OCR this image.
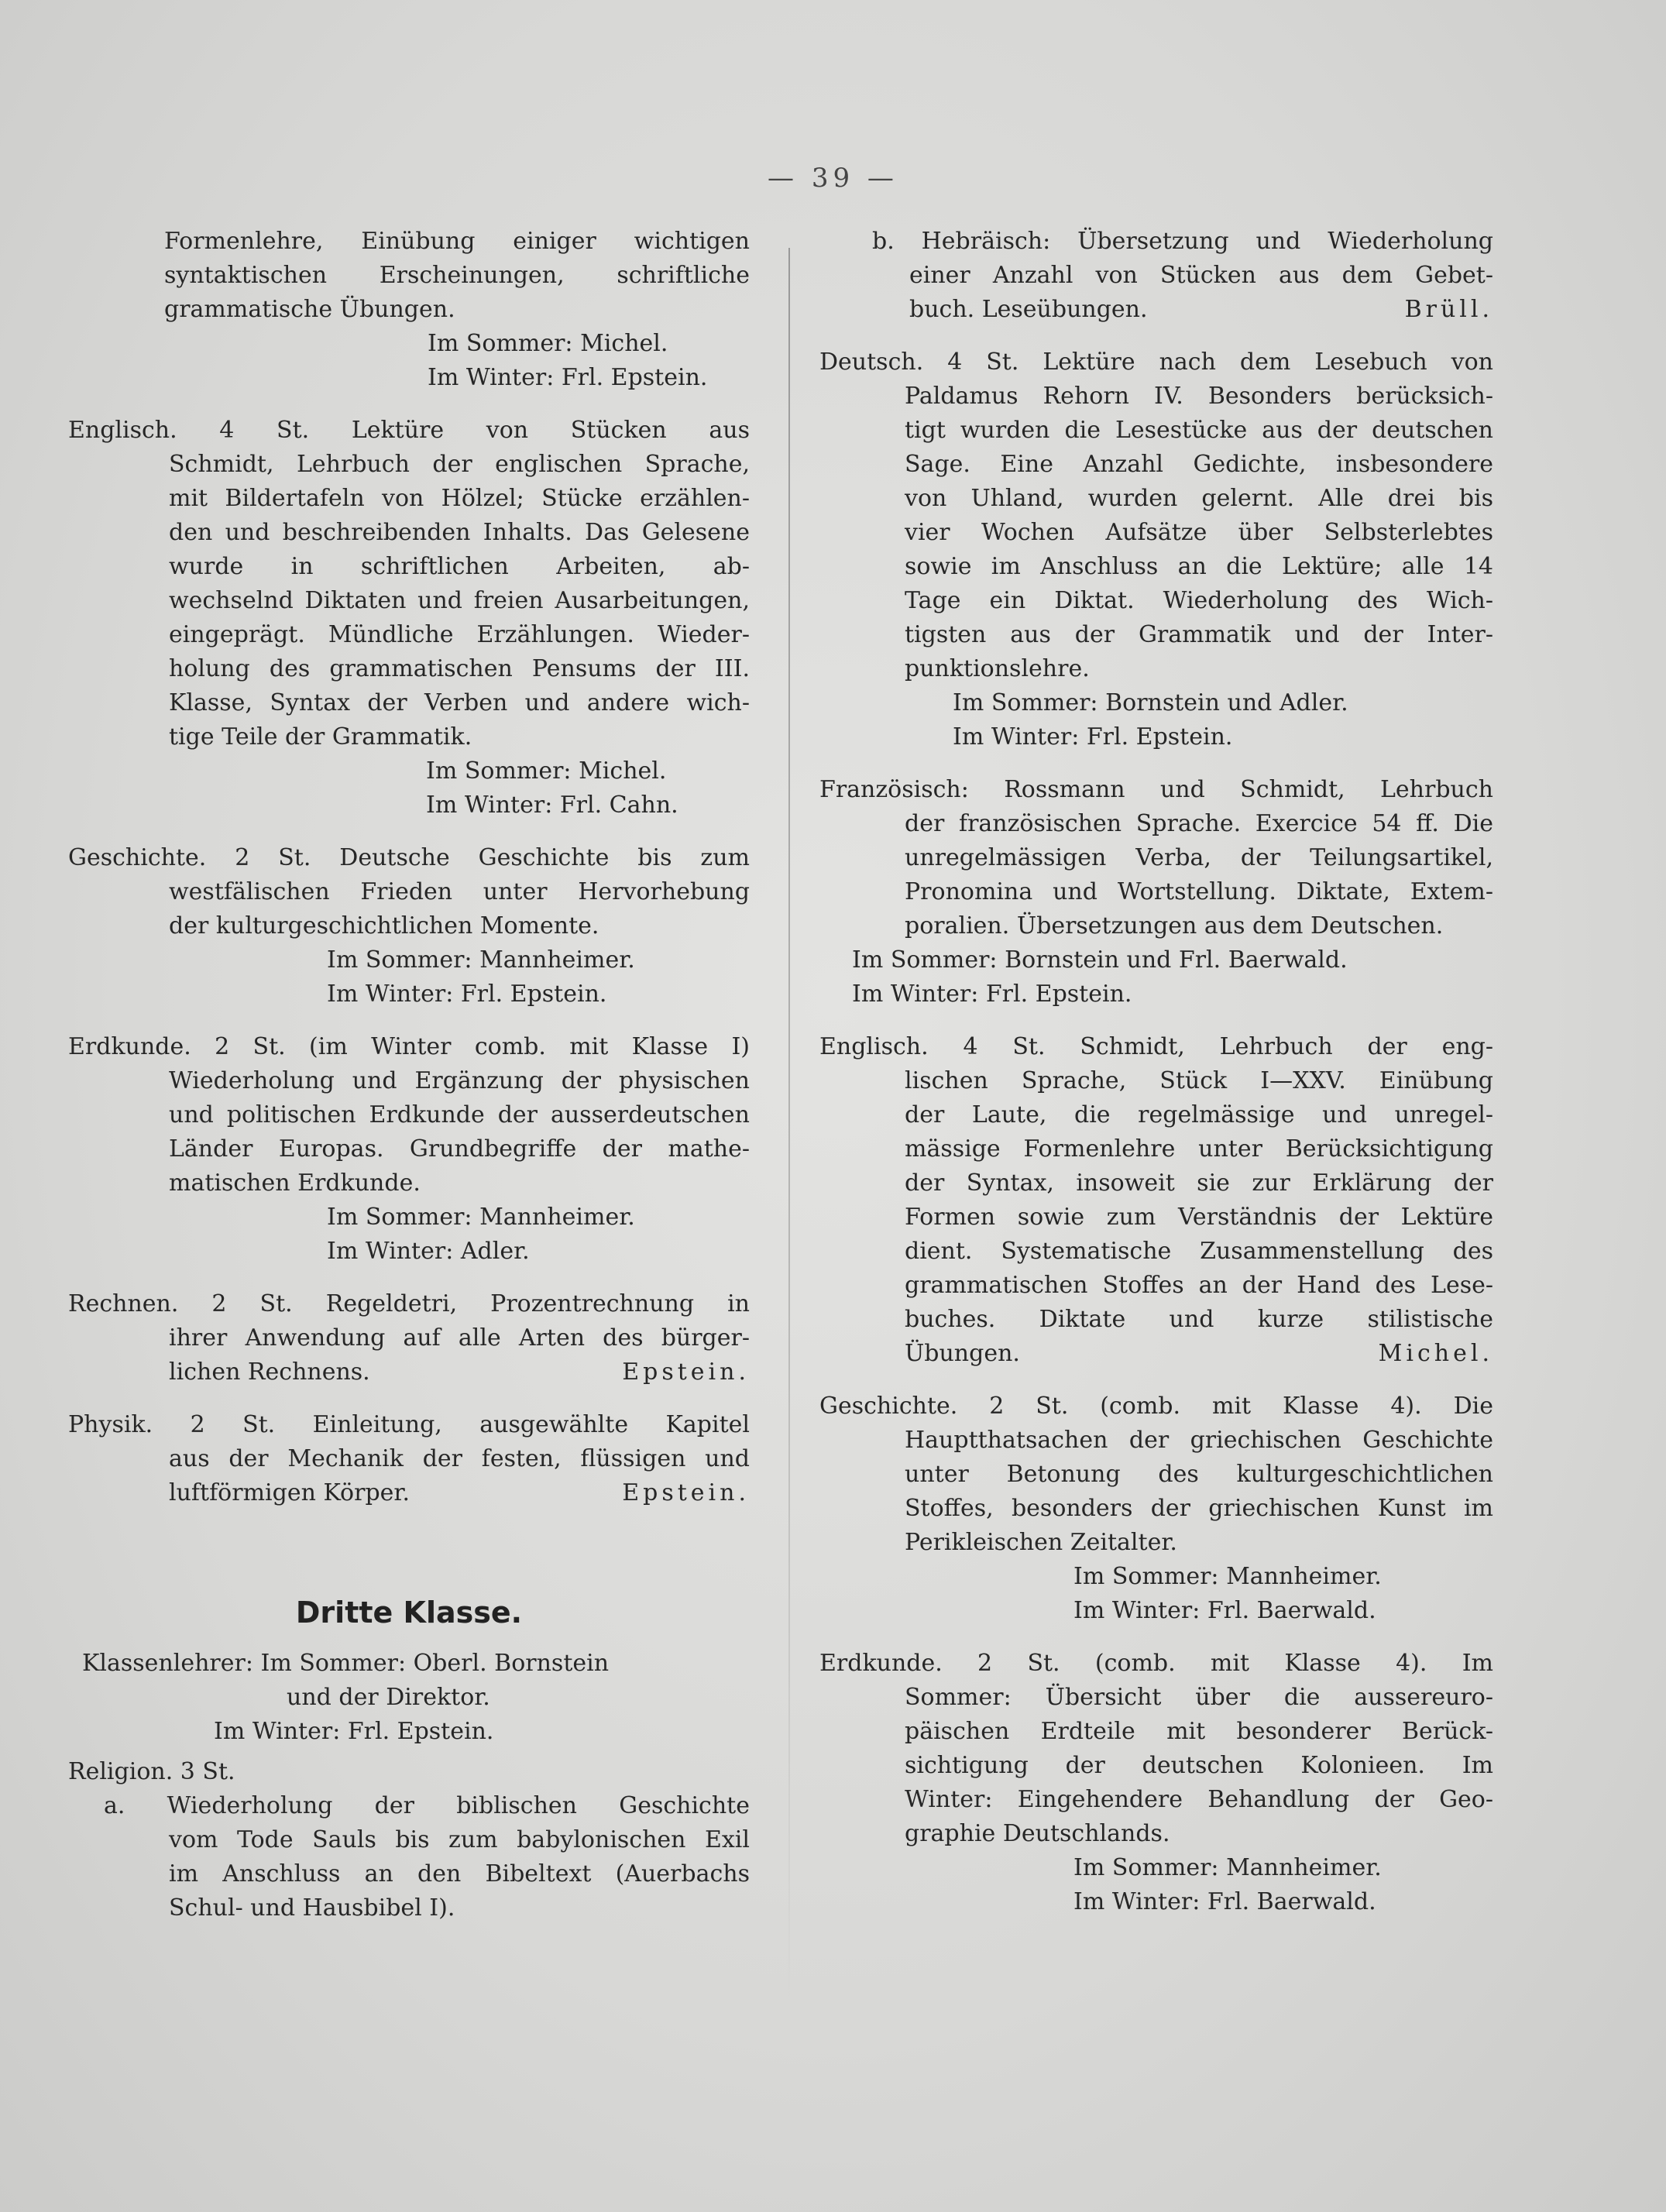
— 39 —
Formenlehre, Einübung einiger wichtigen
syntaktischen Erscheinungen, schriftliche
grammatische Übungen.
Im Sommer: Michel.
Im Winter: Frl. Epstein.
Englisch. 4 St. Lektüre von Stücken aus
Schmidt, Lehrbuch der englischen Sprache,
mit Bildertafeln von Hölzel; Stücke erzählen-
den und beschreibenden Inhalts. Das Gelesene
wurde in schriftlichen Arbeiten, ab-
wechselnd Diktaten und freien Ausarbeitungen,
eingeprägt. Mündliche Erzählungen. Wieder-
holung des grammatischen Pensums der III.
Klasse, Syntax der Verben und andere wich-
tige Teile der Grammatik.
Im Sommer: Michel.
Im Winter: Frl. Cahn.
Geschichte. 2 St. Deutsche Geschichte bis zum
westfälischen Frieden unter Hervorhebung
der kulturgeschichtlichen Momente.
Im Sommer: Mannheimer.
Im Winter: Frl. Epstein.
Erdkunde. 2 St. (im Winter comb. mit Klasse I)
Wiederholung und Ergänzung der physischen
und politischen Erdkunde der ausserdeutschen
Länder Europas. Grundbegriffe der mathe-
matischen Erdkunde.
Im Sommer: Mannheimer.
Im Winter: Adler.
Rechnen. 2 St. Regeldetri, Prozentrechnung in
ihrer Anwendung auf alle Arten des bürger-
lichen Rechnens.	Epstein.
Physik. 2 St. Einleitung, ausgewählte Kapitel
aus der Mechanik der festen, flüssigen und
luftförmigen Körper.	Epstein.
Dritte Klasse.
Klassenlehrer: Im Sommer: Oberl. Bornstein
und der Direktor.
Im Winter: Frl. Epstein.
Religion. 3 St.
a. Wiederholung der biblischen Geschichte
vom Tode Sauls bis zum babylonischen Exil
im Anschluss an den Bibeltext (Auerbachs
Schul- und Hausbibel I).
b. Hebräisch: Übersetzung und Wiederholung
einer Anzahl von Stücken aus dem Gebet-
buch. Leseübungen.	Brüll.
Deutsch. 4 St. Lektüre nach dem Lesebuch von
Paldamus Rehorn IV. Besonders berücksich-
tigt wurden die Lesestücke aus der deutschen
Sage. Eine Anzahl Gedichte, insbesondere
von Uhland, wurden gelernt. Alle drei bis
vier Wochen Aufsätze über Selbsterlebtes
sowie im Anschluss an die Lektüre; alle 14
Tage ein Diktat. Wiederholung des Wich-
tigsten aus der Grammatik und der Inter-
punktionslehre.
Im Sommer: Bornstein und Adler.
Im Winter: Frl. Epstein.
Französisch: Rossmann und Schmidt, Lehrbuch
der französischen Sprache. Exercice 54 ff. Die
unregelmässigen Verba, der Teilungsartikel,
Pronomina und Wortstellung. Diktate, Extem-
poralien. Übersetzungen aus dem Deutschen.
Im Sommer: Bornstein und Frl. Baerwald.
Im Winter: Frl. Epstein.
Englisch. 4 St. Schmidt, Lehrbuch der eng-
lischen Sprache, Stück I—XXV. Einübung
der Laute, die regelmässige und unregel-
mässige Formenlehre unter Berücksichtigung
der Syntax, insoweit sie zur Erklärung der
Formen sowie zum Verständnis der Lektüre
dient. Systematische Zusammenstellung des
grammatischen Stoffes an der Hand des Lese-
buches. Diktate und kurze stilistische
Übungen.	Michel.
Geschichte. 2 St. (comb. mit Klasse 4). Die
Hauptthatsachen der griechischen Geschichte
unter Betonung des kulturgeschichtlichen
Stoffes, besonders der griechischen Kunst im
Perikleischen Zeitalter.
Im Sommer: Mannheimer.
Im Winter: Frl. Baerwald.
Erdkunde. 2 St. (comb. mit Klasse 4). Im
Sommer: Übersicht über die aussereuro-
päischen Erdteile mit besonderer Berück-
sichtigung der deutschen Kolonieen. Im
Winter: Eingehendere Behandlung der Geo-
graphie Deutschlands.
Im Sommer: Mannheimer.
Im Winter: Frl. Baerwald.
